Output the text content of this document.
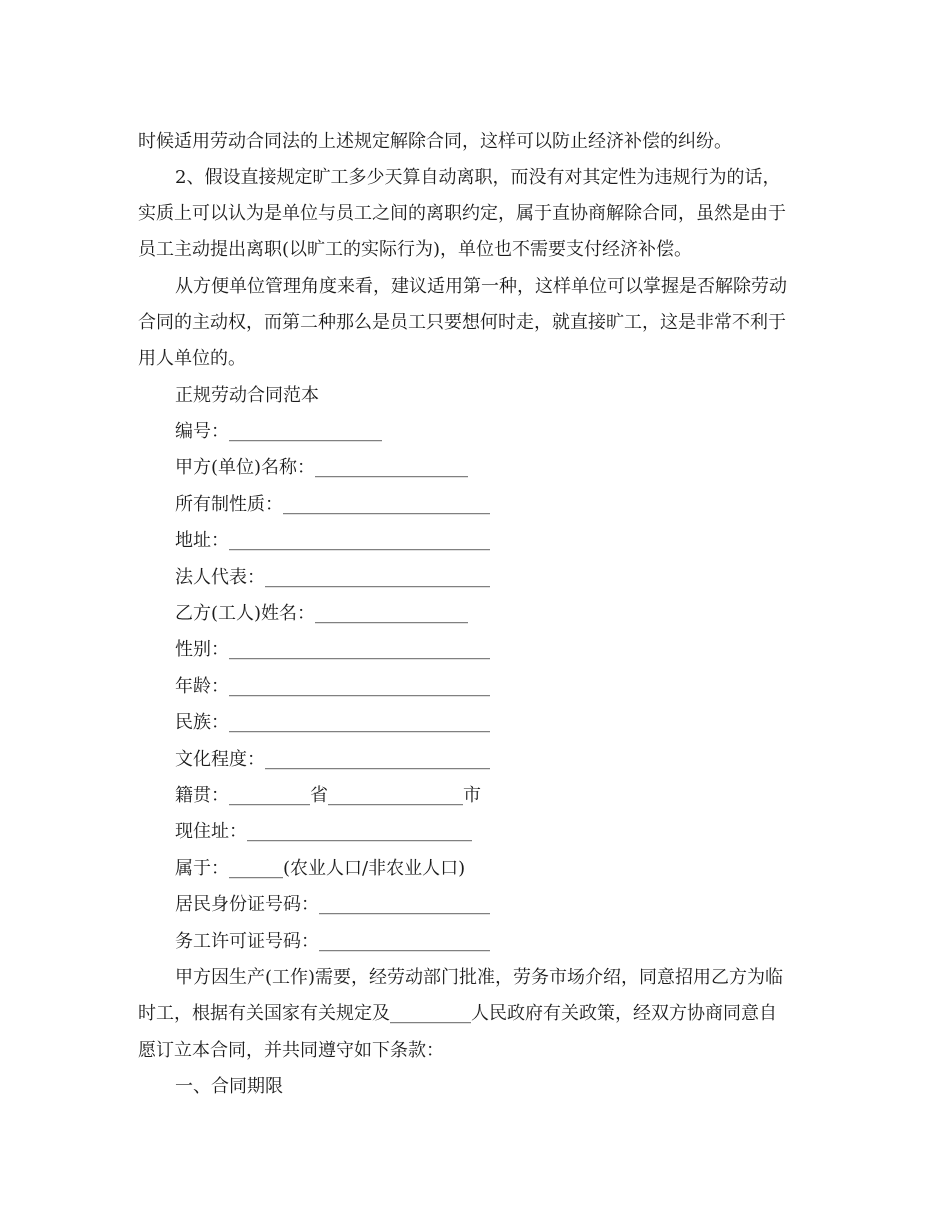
时候适用劳动合同法的上述规定解除合同，这样可以防止经济补偿的纠纷。
2、假设直接规定旷工多少天算自动离职，而没有对其定性为违规行为的话，
实质上可以认为是单位与员工之间的离职约定，属于直协商解除合同，虽然是由于
员工主动提出离职(以旷工的实际行为)，单位也不需要支付经济补偿。
从方便单位管理角度来看，建议适用第一种，这样单位可以掌握是否解除劳动
合同的主动权，而第二种那么是员工只要想何时走，就直接旷工，这是非常不利于
用人单位的。
正规劳动合同范本
编号：_________________
甲方(单位)名称：_________________
所有制性质：_______________________
地址：_____________________________
法人代表：_________________________
乙方(工人)姓名：_________________
性别：_____________________________
年龄：_____________________________
民族：_____________________________
文化程度：_________________________
籍贯：_________省_______________市
现住址：_________________________
属于：______(农业人口/非农业人口)
居民身份证号码：___________________
务工许可证号码：___________________
甲方因生产(工作)需要，经劳动部门批准，劳务市场介绍，同意招用乙方为临
时工，根据有关国家有关规定及_________人民政府有关政策，经双方协商同意自
愿订立本合同，并共同遵守如下条款：
一、合同期限
